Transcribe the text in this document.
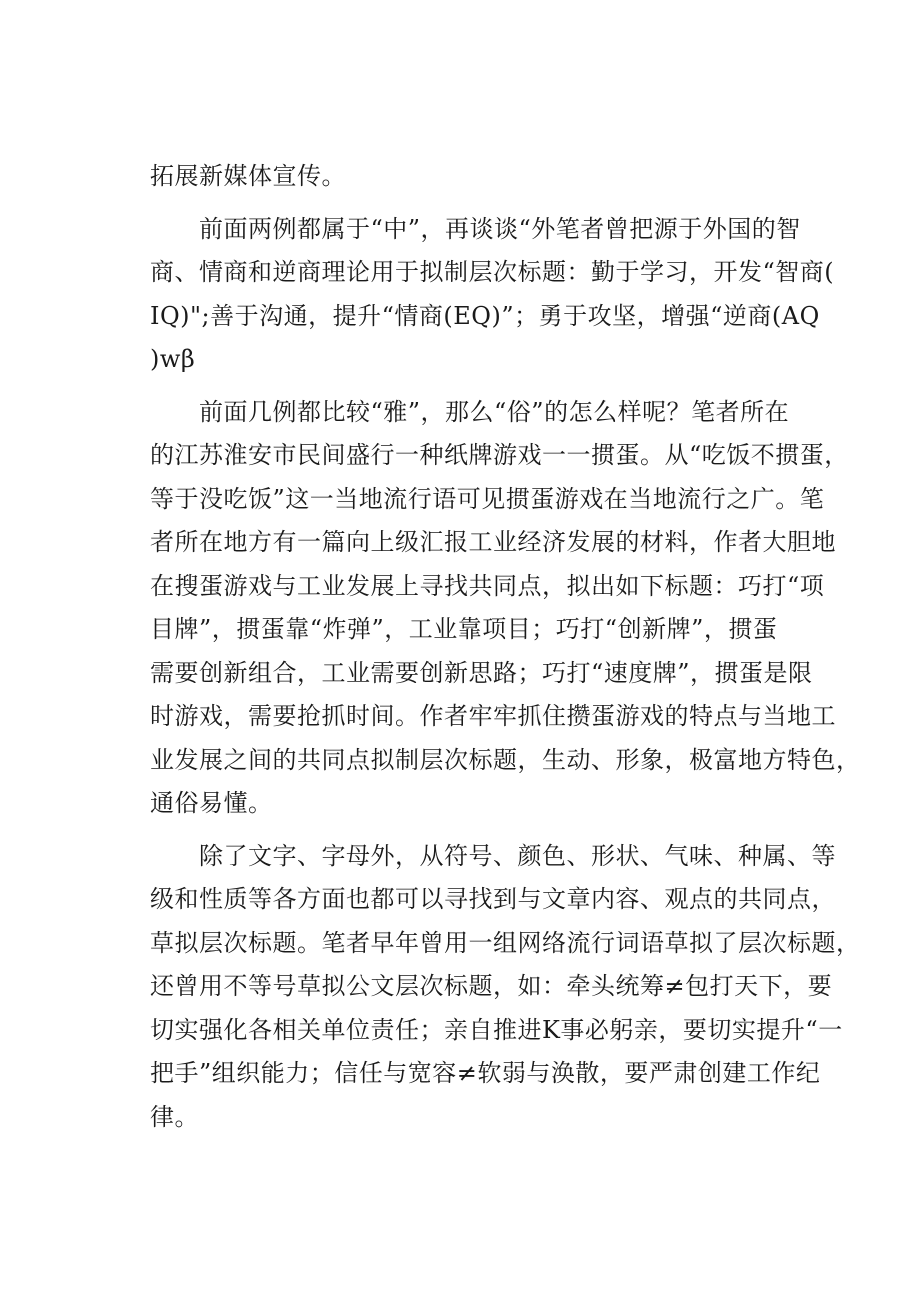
拓展新媒体宣传。
　　前面两例都属于“中”，再谈谈“外笔者曾把源于外国的智
商、情商和逆商理论用于拟制层次标题：勤于学习，开发“智商(
IQ)";善于沟通，提升“情商(EQ)”；勇于攻坚，增强“逆商(AQ
)wβ
　　前面几例都比较“雅”，那么“俗”的怎么样呢？笔者所在
的江苏淮安市民间盛行一种纸牌游戏一一掼蛋。从“吃饭不掼蛋，
等于没吃饭”这一当地流行语可见掼蛋游戏在当地流行之广。笔
者所在地方有一篇向上级汇报工业经济发展的材料，作者大胆地
在搜蛋游戏与工业发展上寻找共同点，拟出如下标题：巧打“项
目牌”，掼蛋靠“炸弹”，工业靠项目；巧打“创新牌”，掼蛋
需要创新组合，工业需要创新思路；巧打“速度牌”，掼蛋是限
时游戏，需要抢抓时间。作者牢牢抓住攒蛋游戏的特点与当地工
业发展之间的共同点拟制层次标题，生动、形象，极富地方特色，
通俗易懂。
　　除了文字、字母外，从符号、颜色、形状、气味、种属、等
级和性质等各方面也都可以寻找到与文章内容、观点的共同点，
草拟层次标题。笔者早年曾用一组网络流行词语草拟了层次标题，
还曾用不等号草拟公文层次标题，如：牵头统筹≠包打天下，要
切实强化各相关单位责任；亲自推进K事必躬亲，要切实提升“一
把手”组织能力；信任与宽容≠软弱与涣散，要严肃创建工作纪
律。
